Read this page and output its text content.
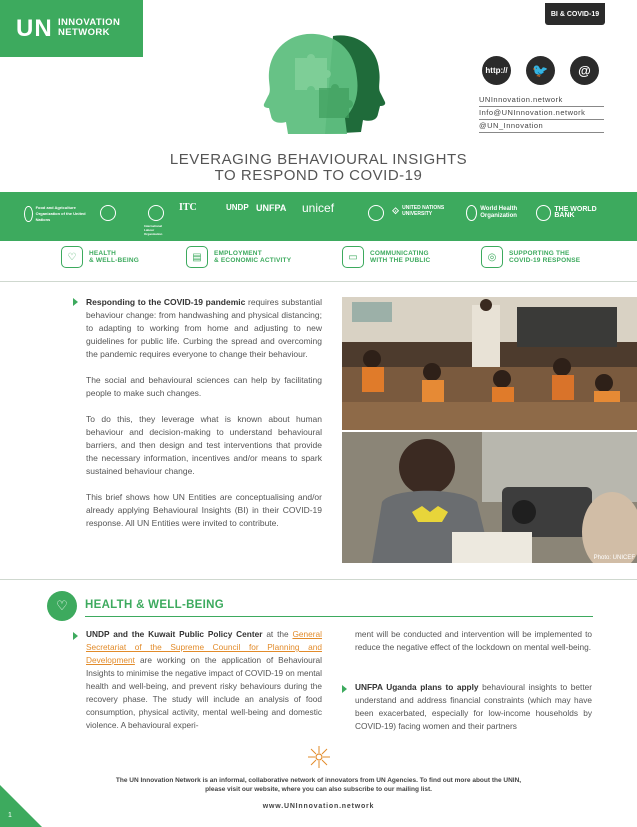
UN INNOVATION
NETWORK
BI & COVID-19
http://	🐦	@
UNInnovation.network
Info@UNInnovation.network
@UN_Innovation
LEVERAGING BEHAVIOURAL INSIGHTS
TO RESPOND TO COVID-19
Food and Agriculture Organization of the United Nations
International Labour Organization
ITC	UNDP UNFPA unicef	⟐ UNITED NATIONS UNIVERSITY
World Health Organization
THE WORLD BANK
♡	HEALTH
& WELL-BEING	▤	EMPLOYMENT
& ECONOMIC ACTIVITY	▭	COMMUNICATING
WITH THE PUBLIC	◎	SUPPORTING THE
COVID-19 RESPONSE

Responding to the COVID-19 pandemic requires substantial behaviour change: from handwashing and physical distancing; to adapting to working from home and adjusting to new guidelines for public life. Curbing the spread and overcoming the pandemic requires everyone to change their behaviour.

The social and behavioural sciences can help by facilitating people to make such changes.

To do this, they leverage what is known about human behaviour and decision-making to understand behavioural barriers, and then design and test interventions that provide the necessary information, incentives and/or means to spark sustained behaviour change.

This brief shows how UN Entities are conceptualising and/or already applying Behavioural Insights (BI) in their COVID-19 response. All UN Entities were invited to contribute.

Photo: UNICEF
♡	HEALTH & WELL-BEING
UNDP and the Kuwait Public Policy Center at the General Secretariat of the Supreme Council for Planning and Development are working on the application of Behavioural Insights to minimise the negative impact of COVID-19 on mental health and well-being, and prevent risky behaviours during the recovery phase. The study will include an analysis of food consumption, physical activity, mental well-being and domestic violence. A behavioural experi-
ment will be conducted and intervention will be implemented to reduce the negative effect of the lockdown on mental well-being.
UNFPA Uganda plans to apply behavioural insights to better understand and address financial constraints (which may have been exacerbated, especially for low-income households by COVID-19) facing women and their partners
The UN Innovation Network is an informal, collaborative network of innovators from UN Agencies. To find out more about the UNIN, please visit our website, where you can also subscribe to our mailing list.
www.UNInnovation.network
1
